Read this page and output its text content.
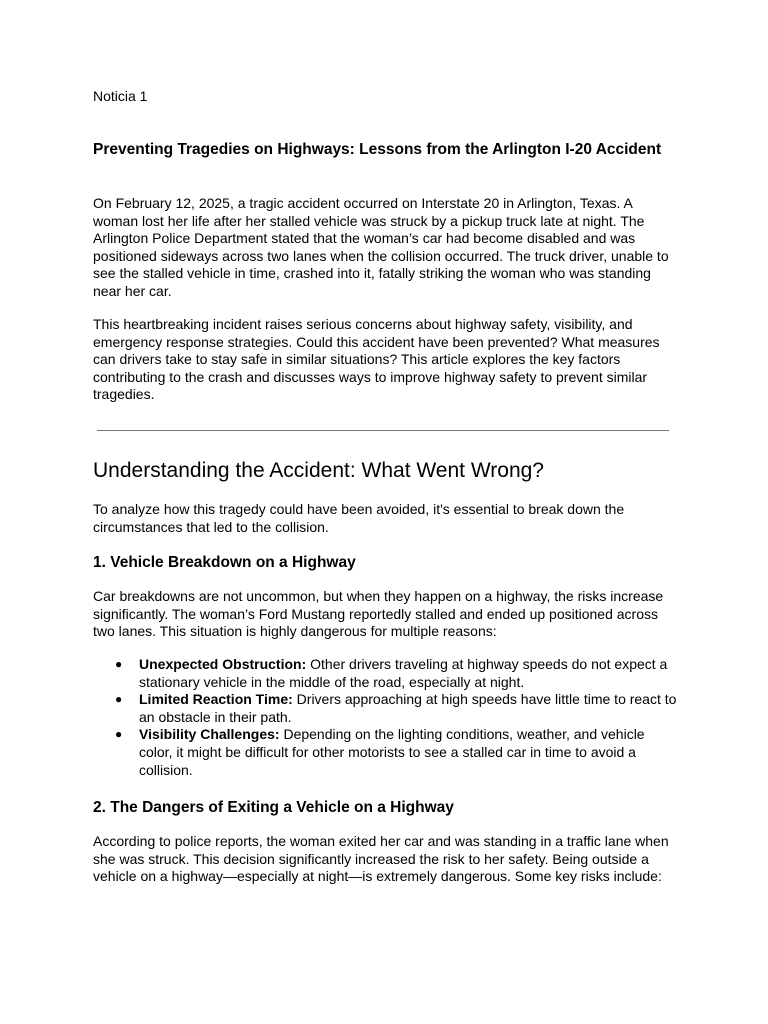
Noticia 1

Preventing Tragedies on Highways: Lessons from the Arlington I-20 Accident

On February 12, 2025, a tragic accident occurred on Interstate 20 in Arlington, Texas. A woman lost her life after her stalled vehicle was struck by a pickup truck late at night. The Arlington Police Department stated that the woman’s car had become disabled and was positioned sideways across two lanes when the collision occurred. The truck driver, unable to see the stalled vehicle in time, crashed into it, fatally striking the woman who was standing near her car.

This heartbreaking incident raises serious concerns about highway safety, visibility, and emergency response strategies. Could this accident have been prevented? What measures can drivers take to stay safe in similar situations? This article explores the key factors contributing to the crash and discusses ways to improve highway safety to prevent similar tragedies.

Understanding the Accident: What Went Wrong?

To analyze how this tragedy could have been avoided, it's essential to break down the circumstances that led to the collision.

1. Vehicle Breakdown on a Highway

Car breakdowns are not uncommon, but when they happen on a highway, the risks increase significantly. The woman’s Ford Mustang reportedly stalled and ended up positioned across two lanes. This situation is highly dangerous for multiple reasons:

● Unexpected Obstruction: Other drivers traveling at highway speeds do not expect a stationary vehicle in the middle of the road, especially at night.
● Limited Reaction Time: Drivers approaching at high speeds have little time to react to an obstacle in their path.
● Visibility Challenges: Depending on the lighting conditions, weather, and vehicle color, it might be difficult for other motorists to see a stalled car in time to avoid a collision.
2. The Dangers of Exiting a Vehicle on a Highway

According to police reports, the woman exited her car and was standing in a traffic lane when she was struck. This decision significantly increased the risk to her safety. Being outside a vehicle on a highway—especially at night—is extremely dangerous. Some key risks include:
